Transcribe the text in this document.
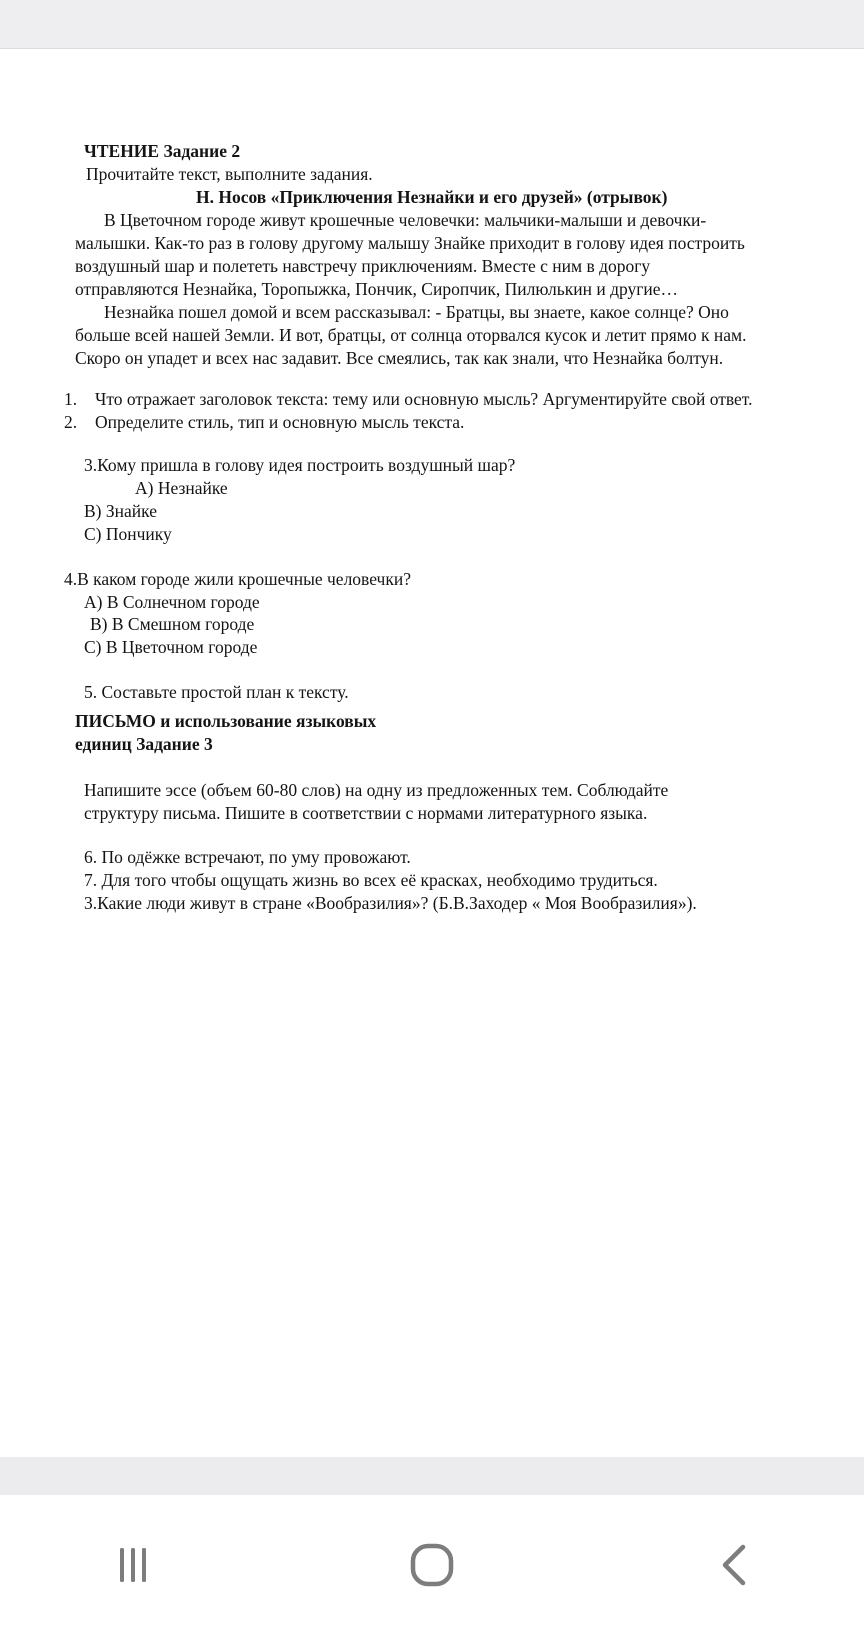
ЧТЕНИЕ Задание 2
Прочитайте текст, выполните задания.
Н. Носов «Приключения Незнайки и его друзей» (отрывок)
В Цветочном городе живут крошечные человечки: мальчики-малыши и девочки-
малышки. Как-то раз в голову другому малышу Знайке приходит в голову идея построить
воздушный шар и полететь навстречу приключениям. Вместе с ним в дорогу
отправляются Незнайка, Торопыжка, Пончик, Сиропчик, Пилюлькин и другие…
Незнайка пошел домой и всем рассказывал: - Братцы, вы знаете, какое солнце? Оно
больше всей нашей Земли. И вот, братцы, от солнца оторвался кусок и летит прямо к нам.
Скоро он упадет и всех нас задавит. Все смеялись, так как знали, что Незнайка болтун.
1. Что отражает заголовок текста: тему или основную мысль? Аргументируйте свой ответ.
2. Определите стиль, тип и основную мысль текста.
3.Кому пришла в голову идея построить воздушный шар?
А) Незнайке
В) Знайке
С) Пончику
4.В каком городе жили крошечные человечки?
А) В Солнечном городе
В) В Смешном городе
С) В Цветочном городе
5. Составьте простой план к тексту.
ПИСЬМО и использование языковых
единиц Задание 3
Напишите эссе (объем 60-80 слов) на одну из предложенных тем. Соблюдайте
структуру письма. Пишите в соответствии с нормами литературного языка.
6. По одёжке встречают, по уму провожают.
7. Для того чтобы ощущать жизнь во всех её красках, необходимо трудиться.
3.Какие люди живут в стране «Вообразилия»? (Б.В.Заходер « Моя Вообразилия»).
